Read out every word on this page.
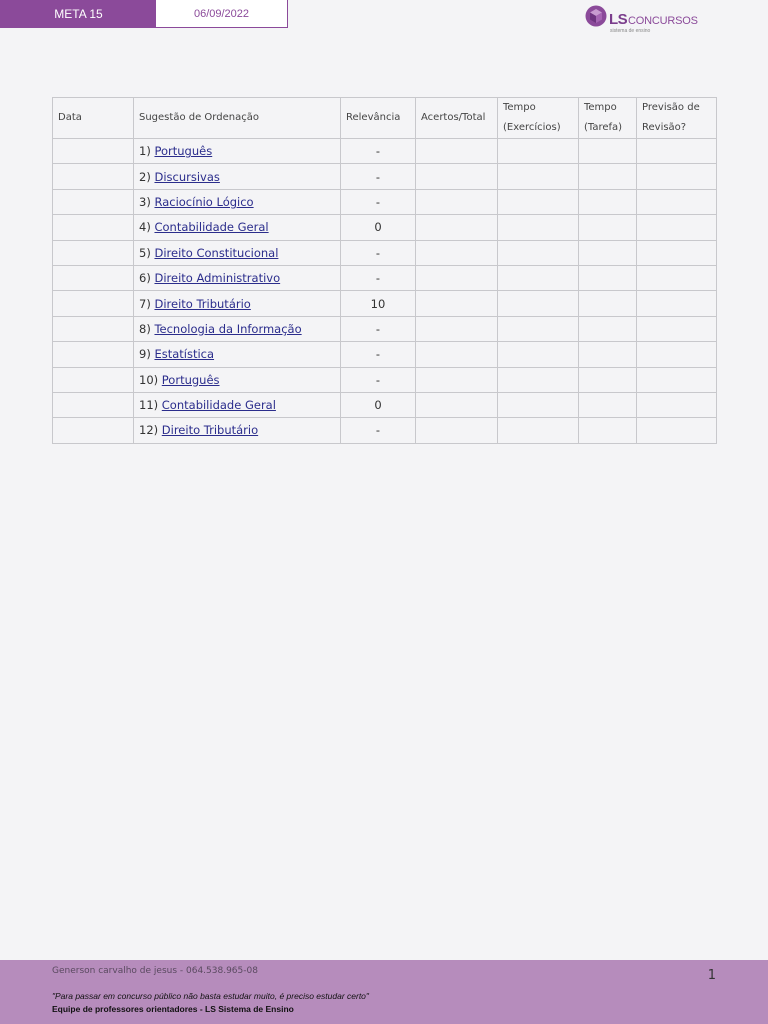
META 15	06/09/2022	LS CONCURSOS
sistema de ensino
Data	Sugestão de Ordenação	Relevância	Acertos/Total	Tempo (Exercícios)	Tempo (Tarefa)	Previsão de Revisão?
	1) Português	-				
	2) Discursivas	-				
	3) Raciocínio Lógico	-				
	4) Contabilidade Geral	0				
	5) Direito Constitucional	-				
	6) Direito Administrativo	-				
	7) Direito Tributário	10				
	8) Tecnologia da Informação	-				
	9) Estatística	-				
	10) Português	-				
	11) Contabilidade Geral	0				
	12) Direito Tributário	-				
Generson carvalho de jesus - 064.538.965-08	1
"Para passar em concurso público não basta estudar muito, é preciso estudar certo"
Equipe de professores orientadores - LS Sistema de Ensino
